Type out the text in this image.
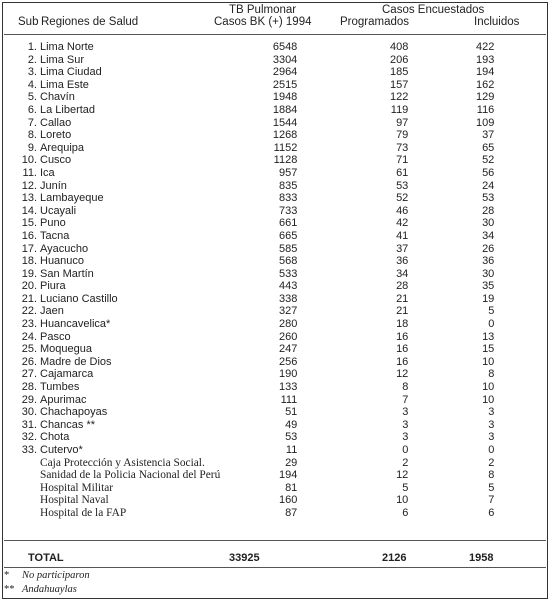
Sub Regiones de Salud
TB Pulmonar
Casos BK (+) 1994
Casos Encuestados
Programados	Incluidos
1.	Lima Norte	6548	408	422
2.	Lima Sur	3304	206	193
3.	Lima Ciudad	2964	185	194
4.	Lima Este	2515	157	162
5.	Chavín	1948	122	129
6.	La Libertad	1884	119	116
7.	Callao	1544	97	109
8.	Loreto	1268	79	37
9.	Arequipa	1152	73	65
10.	Cusco	1128	71	52
11.	Ica	957	61	56
12.	Junín	835	53	24
13.	Lambayeque	833	52	53
14.	Ucayali	733	46	28
15.	Puno	661	42	30
16.	Tacna	665	41	34
17.	Ayacucho	585	37	26
18.	Huanuco	568	36	36
19.	San Martín	533	34	30
20.	Piura	443	28	35
21.	Luciano Castillo	338	21	19
22.	Jaen	327	21	5
23.	Huancavelica*	280	18	0
24.	Pasco	260	16	13
25.	Moquegua	247	16	15
26.	Madre de Dios	256	16	10
27.	Cajamarca	190	12	8
28.	Tumbes	133	8	10
29.	Apurimac	111	7	10
30.	Chachapoyas	51	3	3
31.	Chancas **	49	3	3
32.	Chota	53	3	3
33.	Cutervo*	11	0	0
	Caja Protección y Asistencia Social.	29	2	2
	Sanidad de la Policia Nacional del Perú	194	12	8
	Hospital Militar	81	5	5
	Hospital Naval	160	10	7
	Hospital de la FAP	87	6	6
TOTAL	33925	2126	1958
* No participaron
** Andahuaylas
